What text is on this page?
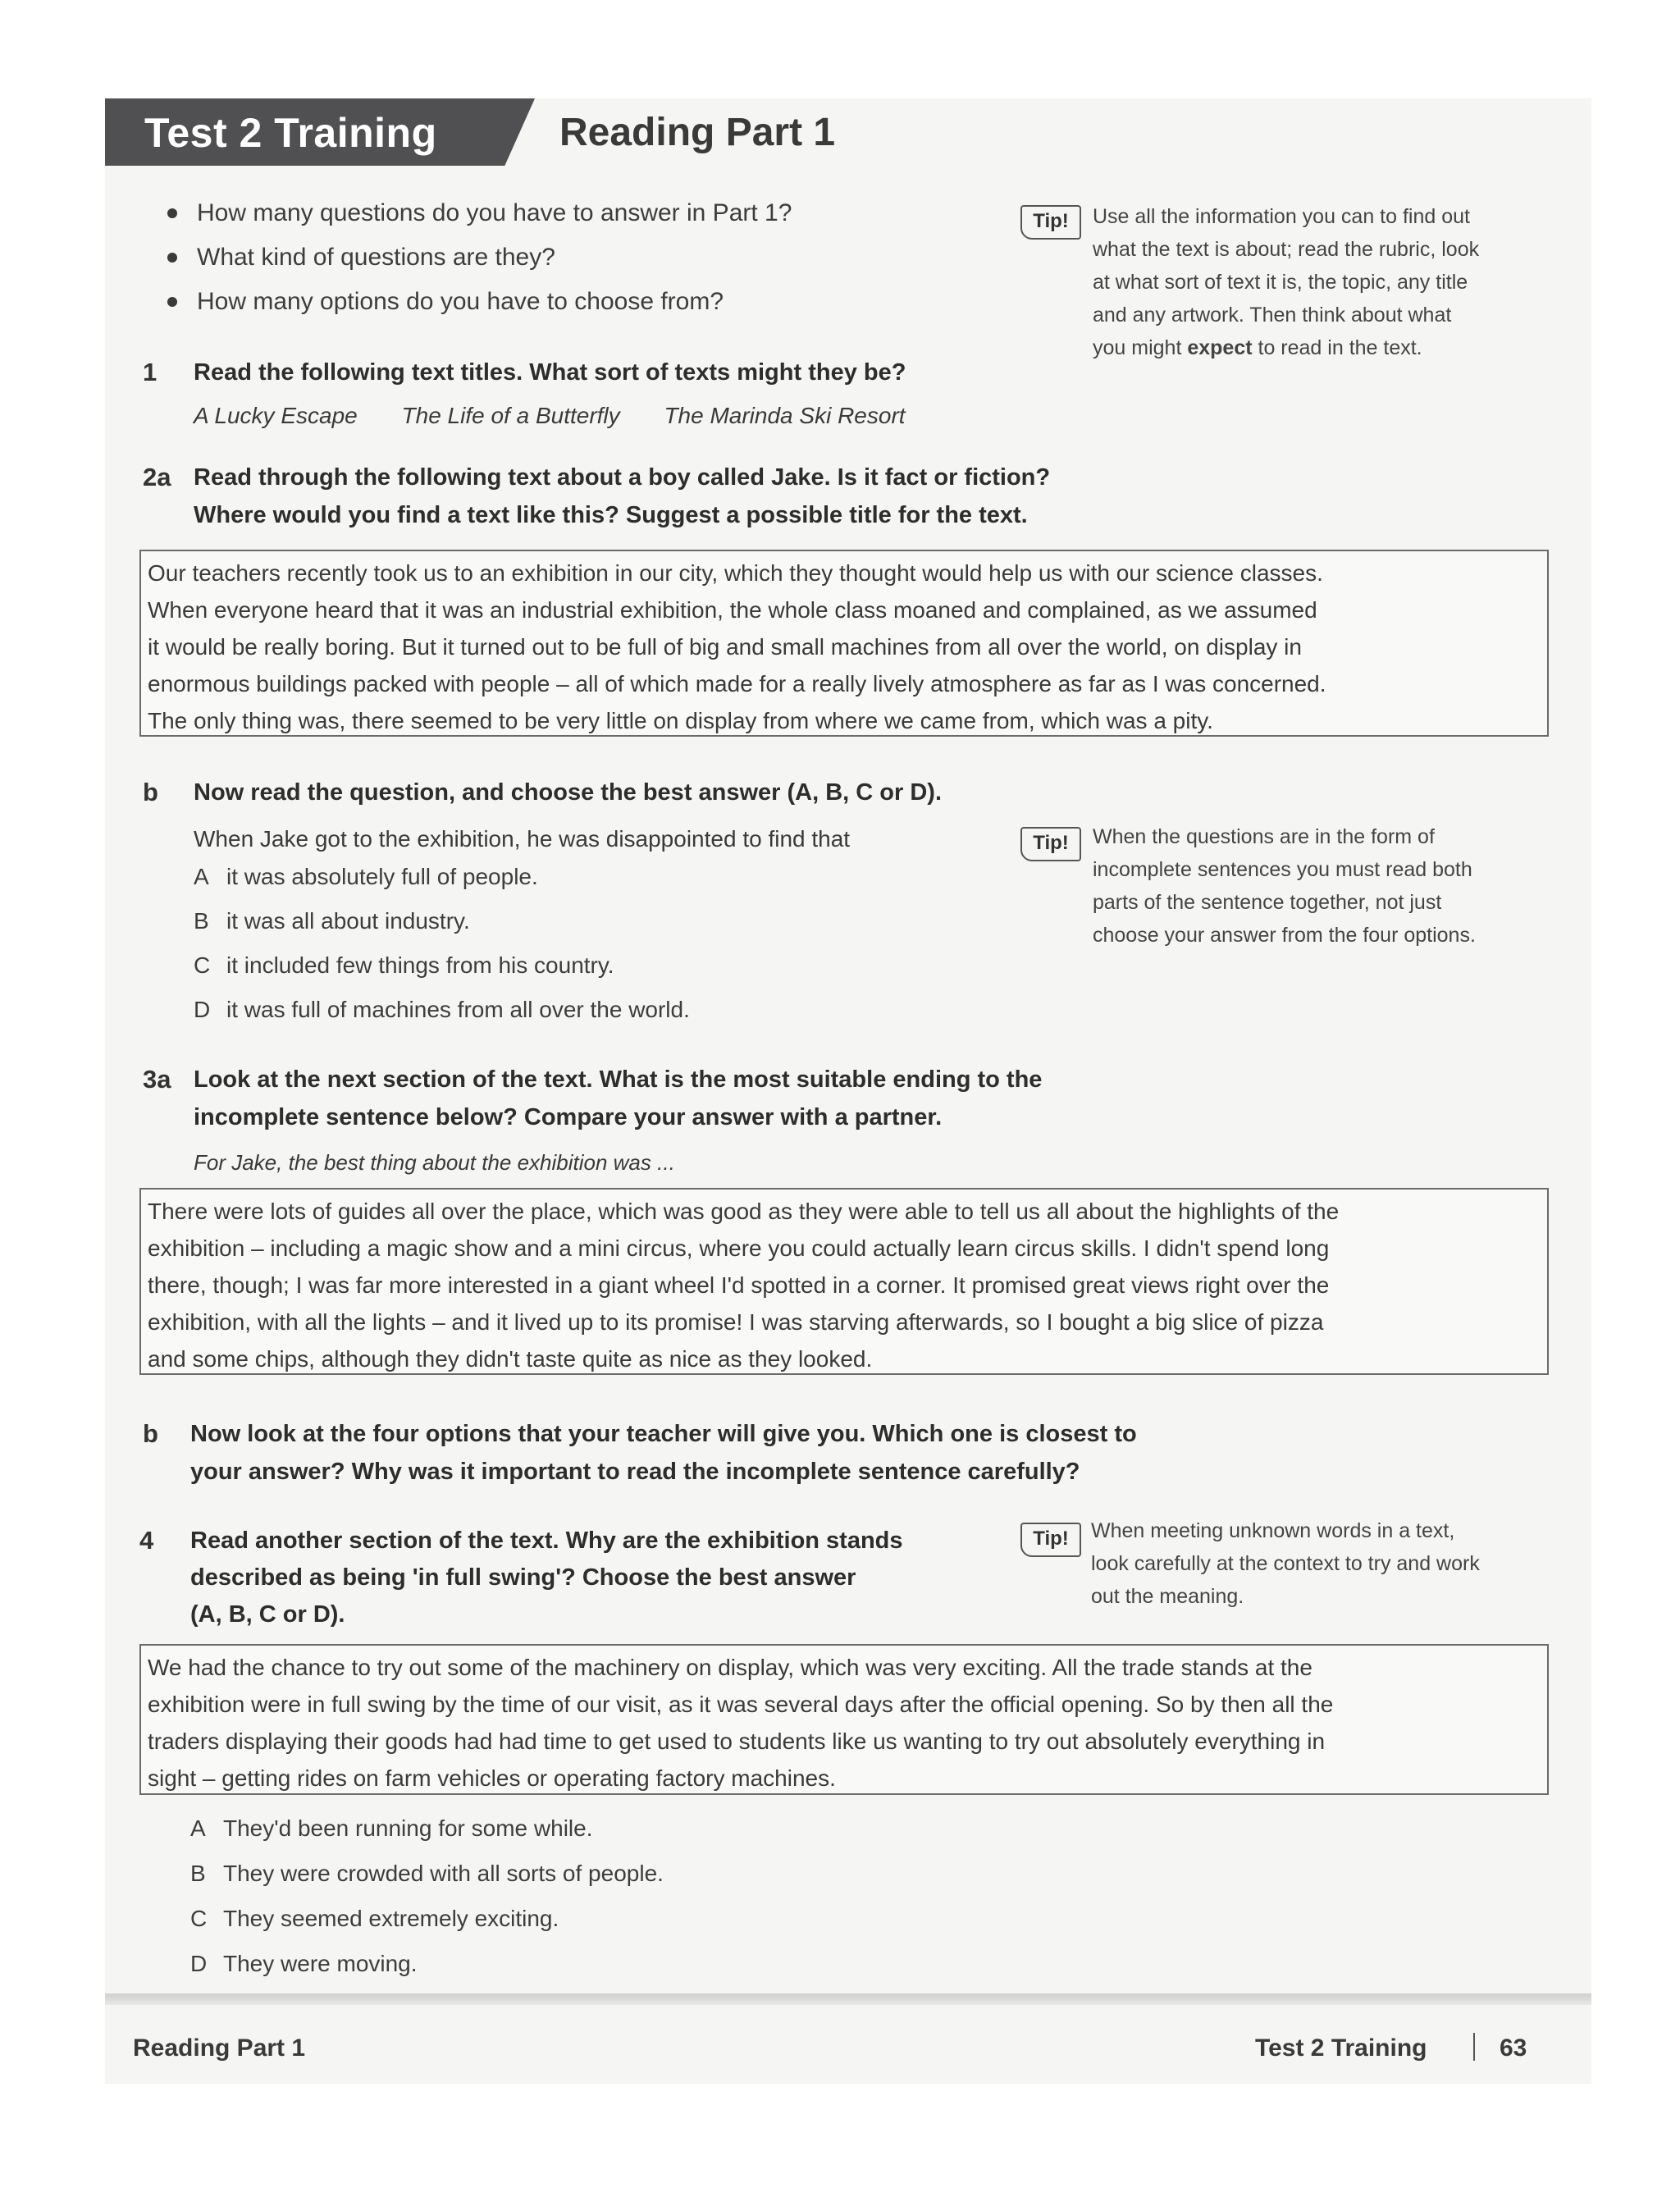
Test 2 Training	Reading Part 1
How many questions do you have to answer in Part 1?
What kind of questions are they?
How many options do you have to choose from?
Tip!	Use all the information you can to find out
what the text is about; read the rubric, look
at what sort of text it is, the topic, any title
and any artwork. Then think about what
you might expect to read in the text.
1 Read the following text titles. What sort of texts might they be?
A Lucky Escape The Life of a Butterfly The Marinda Ski Resort
2a Read through the following text about a boy called Jake. Is it fact or fiction?
Where would you find a text like this? Suggest a possible title for the text.
Our teachers recently took us to an exhibition in our city, which they thought would help us with our science classes.
When everyone heard that it was an industrial exhibition, the whole class moaned and complained, as we assumed
it would be really boring. But it turned out to be full of big and small machines from all over the world, on display in
enormous buildings packed with people – all of which made for a really lively atmosphere as far as I was concerned.
The only thing was, there seemed to be very little on display from where we came from, which was a pity.
b Now read the question, and choose the best answer (A, B, C or D).
When Jake got to the exhibition, he was disappointed to find that
A it was absolutely full of people.
B it was all about industry.
C it included few things from his country.
D it was full of machines from all over the world.
Tip!	When the questions are in the form of
incomplete sentences you must read both
parts of the sentence together, not just
choose your answer from the four options.
3a Look at the next section of the text. What is the most suitable ending to the
incomplete sentence below? Compare your answer with a partner.
For Jake, the best thing about the exhibition was ...
There were lots of guides all over the place, which was good as they were able to tell us all about the highlights of the
exhibition – including a magic show and a mini circus, where you could actually learn circus skills. I didn't spend long
there, though; I was far more interested in a giant wheel I'd spotted in a corner. It promised great views right over the
exhibition, with all the lights – and it lived up to its promise! I was starving afterwards, so I bought a big slice of pizza
and some chips, although they didn't taste quite as nice as they looked.
b Now look at the four options that your teacher will give you. Which one is closest to
your answer? Why was it important to read the incomplete sentence carefully?
4 Read another section of the text. Why are the exhibition stands
described as being 'in full swing'? Choose the best answer
(A, B, C or D).
Tip!	When meeting unknown words in a text,
look carefully at the context to try and work
out the meaning.
We had the chance to try out some of the machinery on display, which was very exciting. All the trade stands at the
exhibition were in full swing by the time of our visit, as it was several days after the official opening. So by then all the
traders displaying their goods had had time to get used to students like us wanting to try out absolutely everything in
sight – getting rides on farm vehicles or operating factory machines.
A They'd been running for some while.
B They were crowded with all sorts of people.
C They seemed extremely exciting.
D They were moving.
Reading Part 1	Test 2 Training	63
